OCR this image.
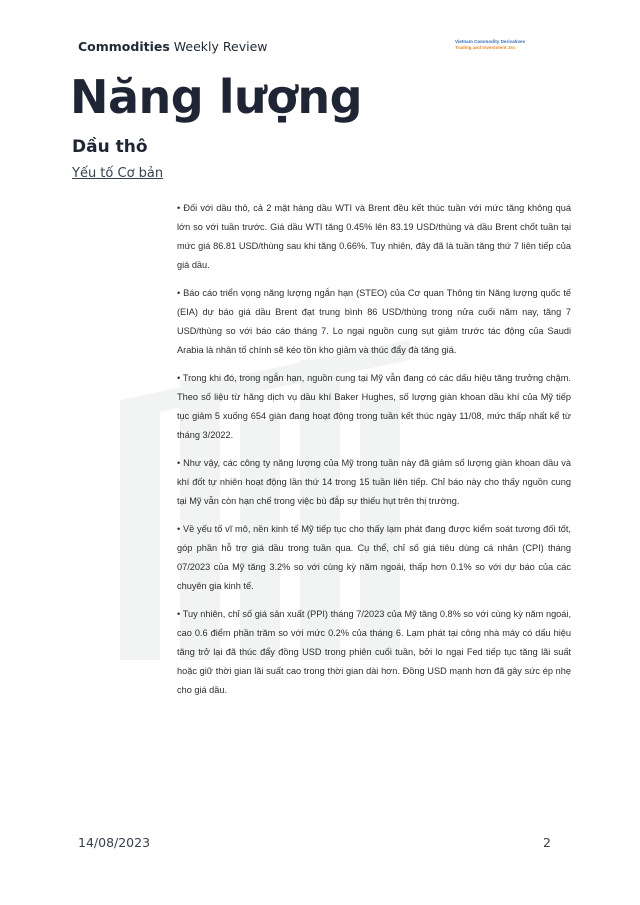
Commodities Weekly Review	Vietnam Commodity Derivatives
Trading and Investment Jsc
Năng lượng
Dầu thô
Yếu tố Cơ bản

• Đối với dầu thô, cả 2 mặt hàng dầu WTI và Brent đều kết thúc tuần với mức tăng không quá lớn so với tuần trước. Giá dầu WTI tăng 0.45% lên 83.19 USD/thùng và dầu Brent chốt tuần tại mức giá 86.81 USD/thùng sau khi tăng 0.66%. Tuy nhiên, đây đã là tuần tăng thứ 7 liên tiếp của giá dầu.

• Báo cáo triển vọng năng lượng ngắn hạn (STEO) của Cơ quan Thông tin Năng lượng quốc tế (EIA) dự báo giá dầu Brent đạt trung bình 86 USD/thùng trong nửa cuối năm nay, tăng 7 USD/thùng so với báo cáo tháng 7. Lo ngại nguồn cung sụt giảm trước tác động của Saudi Arabia là nhân tố chính sẽ kéo tồn kho giảm và thúc đẩy đà tăng giá.

• Trong khi đó, trong ngắn hạn, nguồn cung tại Mỹ vẫn đang có các dấu hiệu tăng trưởng chậm. Theo số liệu từ hãng dịch vụ dầu khí Baker Hughes, số lượng giàn khoan dầu khí của Mỹ tiếp tục giảm 5 xuống 654 giàn đang hoạt động trong tuần kết thúc ngày 11/08, mức thấp nhất kể từ tháng 3/2022.

• Như vậy, các công ty năng lượng của Mỹ trong tuần này đã giảm số lượng giàn khoan dầu và khí đốt tự nhiên hoạt động lần thứ 14 trong 15 tuần liên tiếp. Chỉ báo này cho thấy nguồn cung tại Mỹ vẫn còn hạn chế trong việc bù đắp sự thiếu hụt trên thị trường.

• Về yếu tố vĩ mô, nền kinh tế Mỹ tiếp tục cho thấy lạm phát đang được kiểm soát tương đối tốt, góp phần hỗ trợ giá dầu trong tuần qua. Cụ thể, chỉ số giá tiêu dùng cá nhân (CPI) tháng 07/2023 của Mỹ tăng 3.2% so với cùng kỳ năm ngoái, thấp hơn 0.1% so với dự báo của các chuyên gia kinh tế.

• Tuy nhiên, chỉ số giá sản xuất (PPI) tháng 7/2023 của Mỹ tăng 0.8% so với cùng kỳ năm ngoái, cao 0.6 điểm phần trăm so với mức 0.2% của tháng 6. Lạm phát tại công nhà máy có dấu hiệu tăng trở lại đã thúc đẩy đồng USD trong phiên cuối tuần, bởi lo ngại Fed tiếp tục tăng lãi suất hoặc giữ thời gian lãi suất cao trong thời gian dài hơn. Đồng USD mạnh hơn đã gây sức ép nhẹ cho giá dầu.

14/08/2023	2
